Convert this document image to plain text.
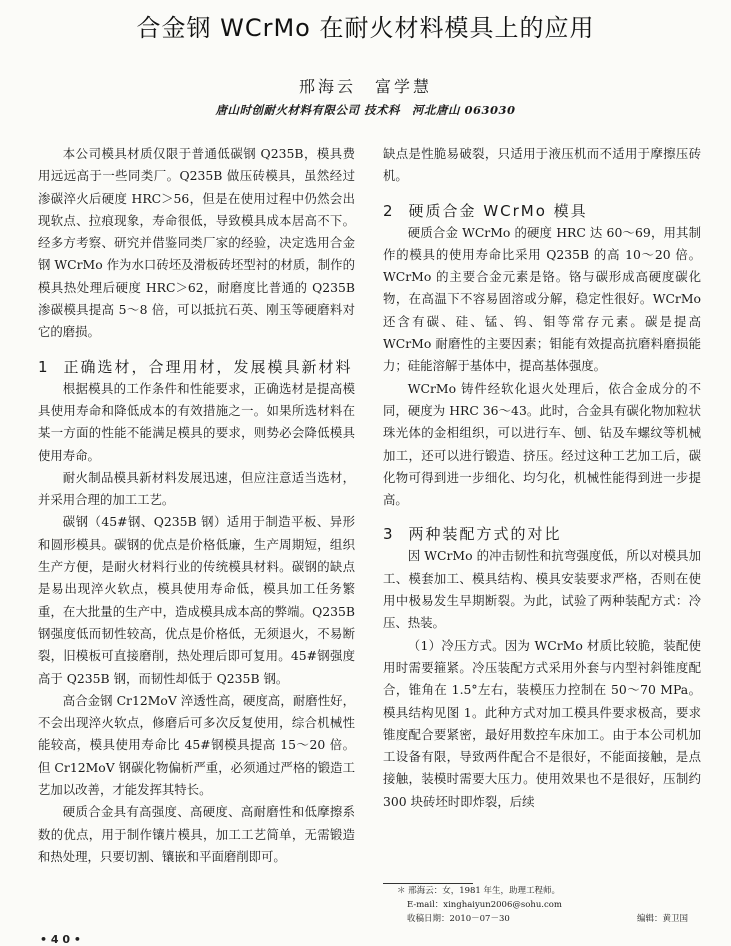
合金钢 WCrMo 在耐火材料模具上的应用
邢海云　富学慧
唐山时创耐火材料有限公司 技术科　河北唐山 063030

本公司模具材质仅限于普通低碳钢 Q235B，模具费用远远高于一些同类厂。Q235B 做压砖模具，虽然经过渗碳淬火后硬度 HRC＞56，但是在使用过程中仍然会出现软点、拉痕现象，寿命很低，导致模具成本居高不下。经多方考察、研究并借鉴同类厂家的经验，决定选用合金钢 WCrMo 作为水口砖坯及滑板砖坯型衬的材质，制作的模具热处理后硬度 HRC＞62，耐磨度比普通的 Q235B 渗碳模具提高 5～8 倍，可以抵抗石英、刚玉等硬磨料对它的磨损。

1 正确选材，合理用材，发展模具新材料

根据模具的工作条件和性能要求，正确选材是提高模具使用寿命和降低成本的有效措施之一。如果所选材料在某一方面的性能不能满足模具的要求，则势必会降低模具使用寿命。

耐火制品模具新材料发展迅速，但应注意适当选材，并采用合理的加工工艺。

碳钢（45#钢、Q235B 钢）适用于制造平板、异形和圆形模具。碳钢的优点是价格低廉，生产周期短，组织生产方便，是耐火材料行业的传统模具材料。碳钢的缺点是易出现淬火软点，模具使用寿命低，模具加工任务繁重，在大批量的生产中，造成模具成本高的弊端。Q235B 钢强度低而韧性较高，优点是价格低，无须退火，不易断裂，旧模板可直接磨削，热处理后即可复用。45#钢强度高于 Q235B 钢，而韧性却低于 Q235B 钢。

高合金钢 Cr12MoV 淬透性高，硬度高，耐磨性好，不会出现淬火软点，修磨后可多次反复使用，综合机械性能较高，模具使用寿命比 45#钢模具提高 15～20 倍。但 Cr12MoV 钢碳化物偏析严重，必须通过严格的锻造工艺加以改善，才能发挥其特长。

硬质合金具有高强度、高硬度、高耐磨性和低摩擦系数的优点，用于制作镶片模具，加工工艺简单，无需锻造和热处理，只要切割、镶嵌和平面磨削即可。

缺点是性脆易破裂，只适用于液压机而不适用于摩擦压砖机。

2 硬质合金 WCrMo 模具

硬质合金 WCrMo 的硬度 HRC 达 60～69，用其制作的模具的使用寿命比采用 Q235B 的高 10～20 倍。WCrMo 的主要合金元素是铬。铬与碳形成高硬度碳化物，在高温下不容易固溶或分解，稳定性很好。WCrMo 还含有碳、硅、锰、钨、钼等常存元素。碳是提高 WCrMo 耐磨性的主要因素；钼能有效提高抗磨料磨损能力；硅能溶解于基体中，提高基体强度。

WCrMo 铸件经软化退火处理后，依合金成分的不同，硬度为 HRC 36～43。此时，合金具有碳化物加粒状珠光体的金相组织，可以进行车、刨、钻及车螺纹等机械加工，还可以进行锻造、挤压。经过这种工艺加工后，碳化物可得到进一步细化、均匀化，机械性能得到进一步提高。

3 两种装配方式的对比

因 WCrMo 的冲击韧性和抗弯强度低，所以对模具加工、模套加工、模具结构、模具安装要求严格，否则在使用中极易发生早期断裂。为此，试验了两种装配方式：冷压、热装。

（1）冷压方式。因为 WCrMo 材质比较脆，装配使用时需要箍紧。冷压装配方式采用外套与内型衬斜锥度配合，锥角在 1.5°左右，装模压力控制在 50～70 MPa。模具结构见图 1。此种方式对加工模具件要求极高，要求锥度配合要紧密，最好用数控车床加工。由于本公司机加工设备有限，导致两件配合不是很好，不能面接触，是点接触，装模时需要大压力。使用效果也不是很好，压制约 300 块砖坯时即炸裂，后续

＊ 邢海云：女，1981 年生，助理工程师。
E-mail：xinghaiyun2006@sohu.com
收稿日期：2010－07－30	编辑：黄卫国
• 4 0 •
